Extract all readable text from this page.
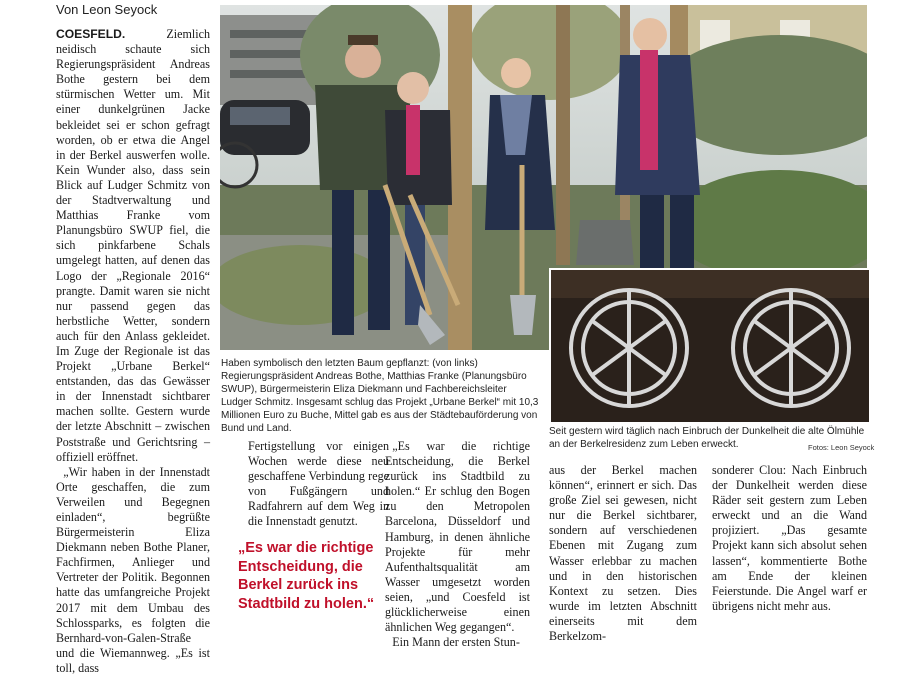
Von Leon Seyock

COESFELD.	Ziemlich neidisch schaute sich Regierungspräsident Andreas Bothe gestern bei dem stürmischen Wetter um. Mit einer dunkelgrünen Jacke bekleidet sei er schon gefragt worden, ob er etwa die Angel in der Berkel auswerfen wolle. Kein Wunder also, dass sein Blick auf Ludger Schmitz von der Stadtverwaltung und Matthias Franke vom Planungsbüro SWUP fiel, die sich pinkfarbene Schals umgelegt hatten, auf denen das Logo der „Regionale 2016“ prangte. Damit waren sie nicht nur passend gegen das herbstliche Wetter, sondern auch für den Anlass gekleidet. Im Zuge der Regionale ist das Projekt „Urbane Berkel“ entstanden, das das Gewässer in der Innenstadt sichtbarer machen sollte. Gestern wurde der letzte Abschnitt – zwischen Poststraße und Gerichtsring – offiziell eröffnet.

„Wir haben in der Innenstadt Orte geschaffen, die zum Verweilen und Begegnen einladen“, begrüßte Bürgermeisterin Eliza Diekmann neben Bothe Planer, Fachfirmen, Anlieger und Vertreter der Politik. Begonnen hatte das umfangreiche Projekt 2017 mit dem Umbau des Schlossparks, es folgten die Bernhard-von-Galen-Straße und die Wiemannweg. „Es ist toll, dass

Haben symbolisch den letzten Baum gepflanzt: (von links) Regierungspräsident Andreas Bothe, Matthias Franke (Planungsbüro SWUP), Bürgermeisterin Eliza Diekmann und Fachbereichsleiter Ludger Schmitz. Insgesamt schlug das Projekt „Urbane Berkel“ mit 10,3 Millionen Euro zu Buche, Mittel gab es aus der Städtebauförderung von Bund und Land.	Seit gestern wird täglich nach Einbruch der Dunkelheit die alte Ölmühle an der Berkelresidenz zum Leben erweckt.	Fotos: Leon Seyock

Fertigstellung vor einigen Wochen werde diese neu geschaffene Verbindung rege von Fußgängern und Radfahrern auf dem Weg in die Innenstadt genutzt.

„Es war die richtige Entscheidung, die Berkel zurück ins Stadtbild zu holen.“

„Es war die richtige Entscheidung, die Berkel zurück ins Stadtbild zu holen.“ Er schlug den Bogen zu den Metropolen Barcelona, Düsseldorf und Hamburg, in denen ähnliche Projekte für mehr Aufenthaltsqualität am Wasser umgesetzt worden seien, „und Coesfeld ist glücklicherweise einen ähnlichen Weg gegangen“.

Ein Mann der ersten Stun-

aus der Berkel machen können“, erinnert er sich. Das große Ziel sei gewesen, nicht nur die Berkel sichtbarer, sondern auf verschiedenen Ebenen mit Zugang zum Wasser erlebbar zu machen und in den historischen Kontext zu setzen. Dies wurde im letzten Abschnitt einerseits mit dem Berkelzom-

sonderer Clou: Nach Einbruch der Dunkelheit werden diese Räder seit gestern zum Leben erweckt und an die Wand projiziert. „Das gesamte Projekt kann sich absolut sehen lassen“, kommentierte Bothe am Ende der kleinen Feierstunde. Die Angel warf er übrigens nicht mehr aus.
